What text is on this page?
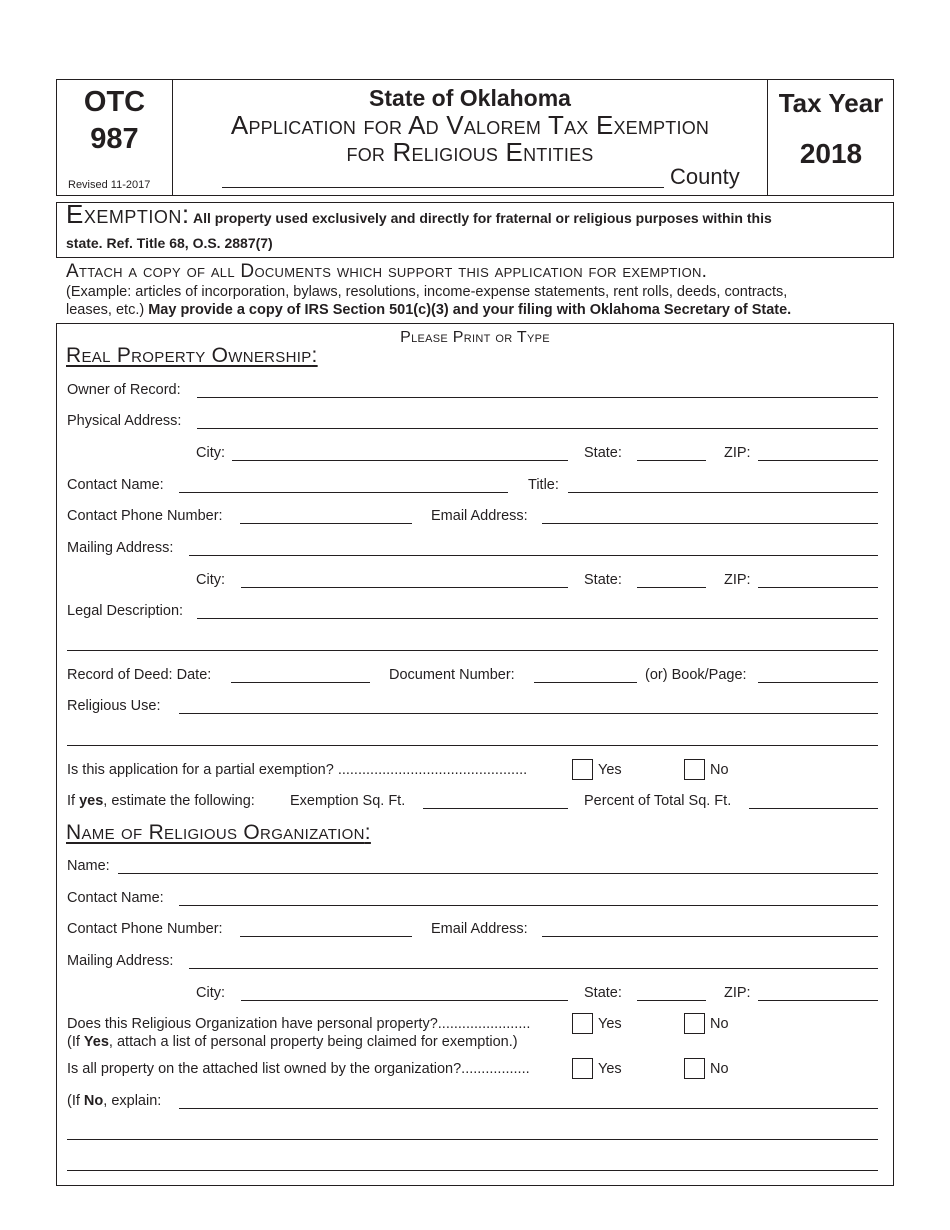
OTC
987
Revised 11-2017
State of Oklahoma
Application for Ad Valorem Tax Exemption
for Religious Entities
County
Tax Year
2018
Exemption: All property used exclusively and directly for fraternal or religious purposes within this
state. Ref. Title 68, O.S. 2887(7)
Attach a copy of all Documents which support this application for exemption.
(Example: articles of incorporation, bylaws, resolutions, income-expense statements, rent rolls, deeds, contracts,
leases, etc.) May provide a copy of IRS Section 501(c)(3) and your filing with Oklahoma Secretary of State.
Please Print or Type
Real Property Ownership:
Owner of Record:
Physical Address:
City:	State:	ZIP:
Contact Name:	Title:
Contact Phone Number:	Email Address:
Mailing Address:
City:	State:	ZIP:
Legal Description:
Record of Deed: Date:	Document Number:	(or) Book/Page:
Religious Use:
Is this application for a partial exemption? ...............................................	Yes	No
If yes, estimate the following: Exemption Sq. Ft.	Percent of Total Sq. Ft.
Name of Religious Organization:
Name:
Contact Name:
Contact Phone Number:	Email Address:
Mailing Address:
City:	State:	ZIP:
Does this Religious Organization have personal property?.......................	Yes	No
(If Yes, attach a list of personal property being claimed for exemption.)
Is all property on the attached list owned by the organization?.................	Yes	No
(If No, explain:
